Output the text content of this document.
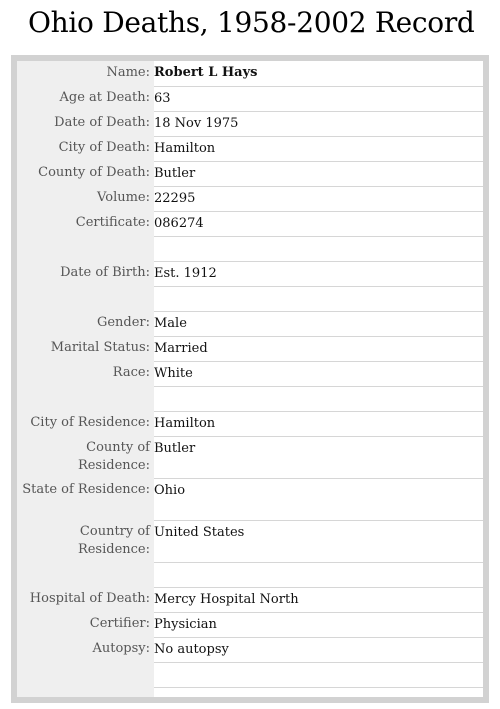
Ohio Deaths, 1958-2002 Record
Name:	Robert L Hays
Age at Death:	63
Date of Death:	18 Nov 1975
City of Death:	Hamilton
County of Death:	Butler
Volume:	22295
Certificate:	086274

Date of Birth:	Est. 1912

Gender:	Male
Marital Status:	Married
Race:	White

City of Residence:	Hamilton
County of Residence:	Butler
State of Residence:	Ohio
Country of Residence:	United States

Hospital of Death:	Mercy Hospital North
Certifier:	Physician
Autopsy:	No autopsy
